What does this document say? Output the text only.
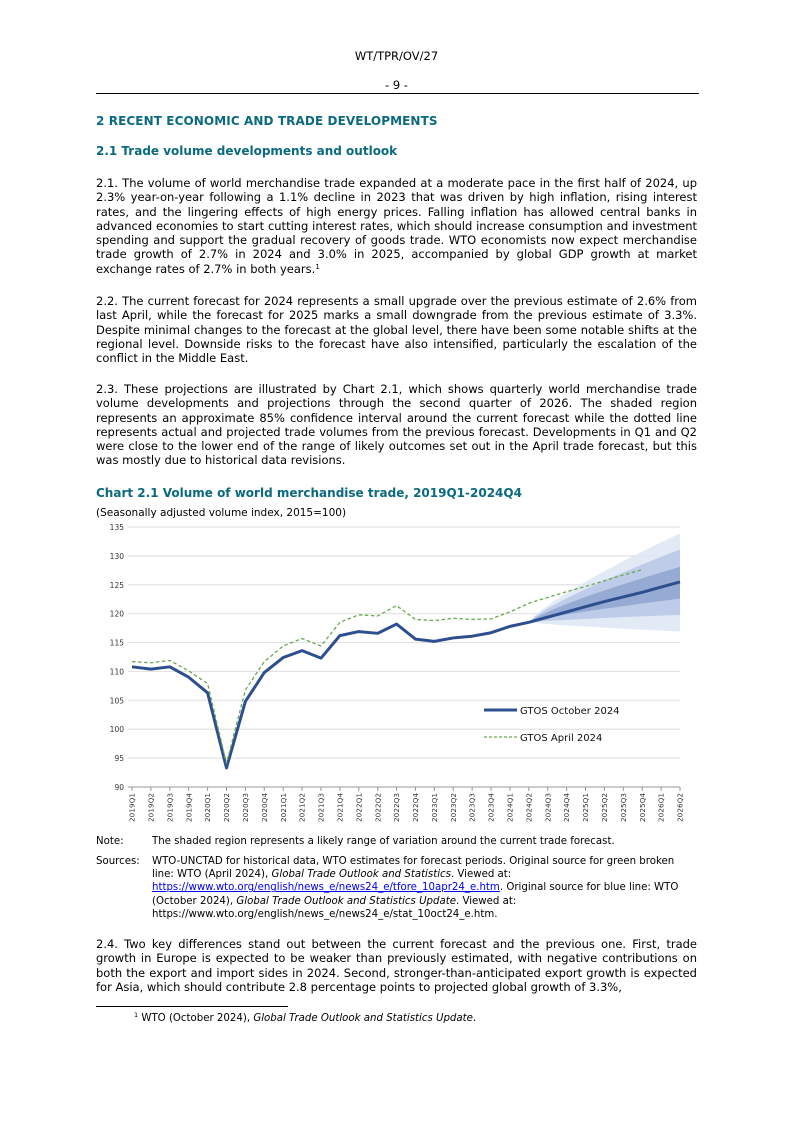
WT/TPR/OV/27
- 9 -
2 RECENT ECONOMIC AND TRADE DEVELOPMENTS
2.1 Trade volume developments and outlook
2.1. The volume of world merchandise trade expanded at a moderate pace in the first half of 2024, up 2.3% year-on-year following a 1.1% decline in 2023 that was driven by high inflation, rising interest rates, and the lingering effects of high energy prices. Falling inflation has allowed central banks in advanced economies to start cutting interest rates, which should increase consumption and investment spending and support the gradual recovery of goods trade. WTO economists now expect merchandise trade growth of 2.7% in 2024 and 3.0% in 2025, accompanied by global GDP growth at market exchange rates of 2.7% in both years.$^1$
2.2. The current forecast for 2024 represents a small upgrade over the previous estimate of 2.6% from last April, while the forecast for 2025 marks a small downgrade from the previous estimate of 3.3%. Despite minimal changes to the forecast at the global level, there have been some notable shifts at the regional level. Downside risks to the forecast have also intensified, particularly the escalation of the conflict in the Middle East.
2.3. These projections are illustrated by Chart 2.1, which shows quarterly world merchandise trade volume developments and projections through the second quarter of 2026. The shaded region represents an approximate 85% confidence interval around the current forecast while the dotted line represents actual and projected trade volumes from the previous forecast. Developments in Q1 and Q2 were close to the lower end of the range of likely outcomes set out in the April trade forecast, but this was mostly due to historical data revisions.
Chart 2.1 Volume of world merchandise trade, 2019Q1-2024Q4
(Seasonally adjusted volume index, 2015=100)
90
95
100
105
110
115
120
125
130
135
2019Q1 2019Q2 2019Q3 2019Q4 2020Q1 2020Q2 2020Q3 2020Q4 2021Q1 2021Q2 2021Q3 2021Q4 2022Q1 2022Q2 2022Q3 2022Q4 2023Q1 2023Q2 2023Q3 2023Q4 2024Q1 2024Q2 2024Q3 2024Q4 2025Q1 2025Q2 2025Q3 2025Q4 2026Q1 2026Q2
GTOS October 2024
GTOS April 2024
Note:	The shaded region represents a likely range of variation around the current trade forecast.
Sources: WTO-UNCTAD for historical data, WTO estimates for forecast periods. Original source for green broken line: WTO (April 2024), Global Trade Outlook and Statistics. Viewed at: https://www.wto.org/english/news_e/news24_e/tfore_10apr24_e.htm. Original source for blue line: WTO (October 2024), Global Trade Outlook and Statistics Update. Viewed at: https://www.wto.org/english/news_e/news24_e/stat_10oct24_e.htm.
2.4. Two key differences stand out between the current forecast and the previous one. First, trade growth in Europe is expected to be weaker than previously estimated, with negative contributions on both the export and import sides in 2024. Second, stronger-than-anticipated export growth is expected for Asia, which should contribute 2.8 percentage points to projected global growth of 3.3%,
$^1$ WTO (October 2024), Global Trade Outlook and Statistics Update.
